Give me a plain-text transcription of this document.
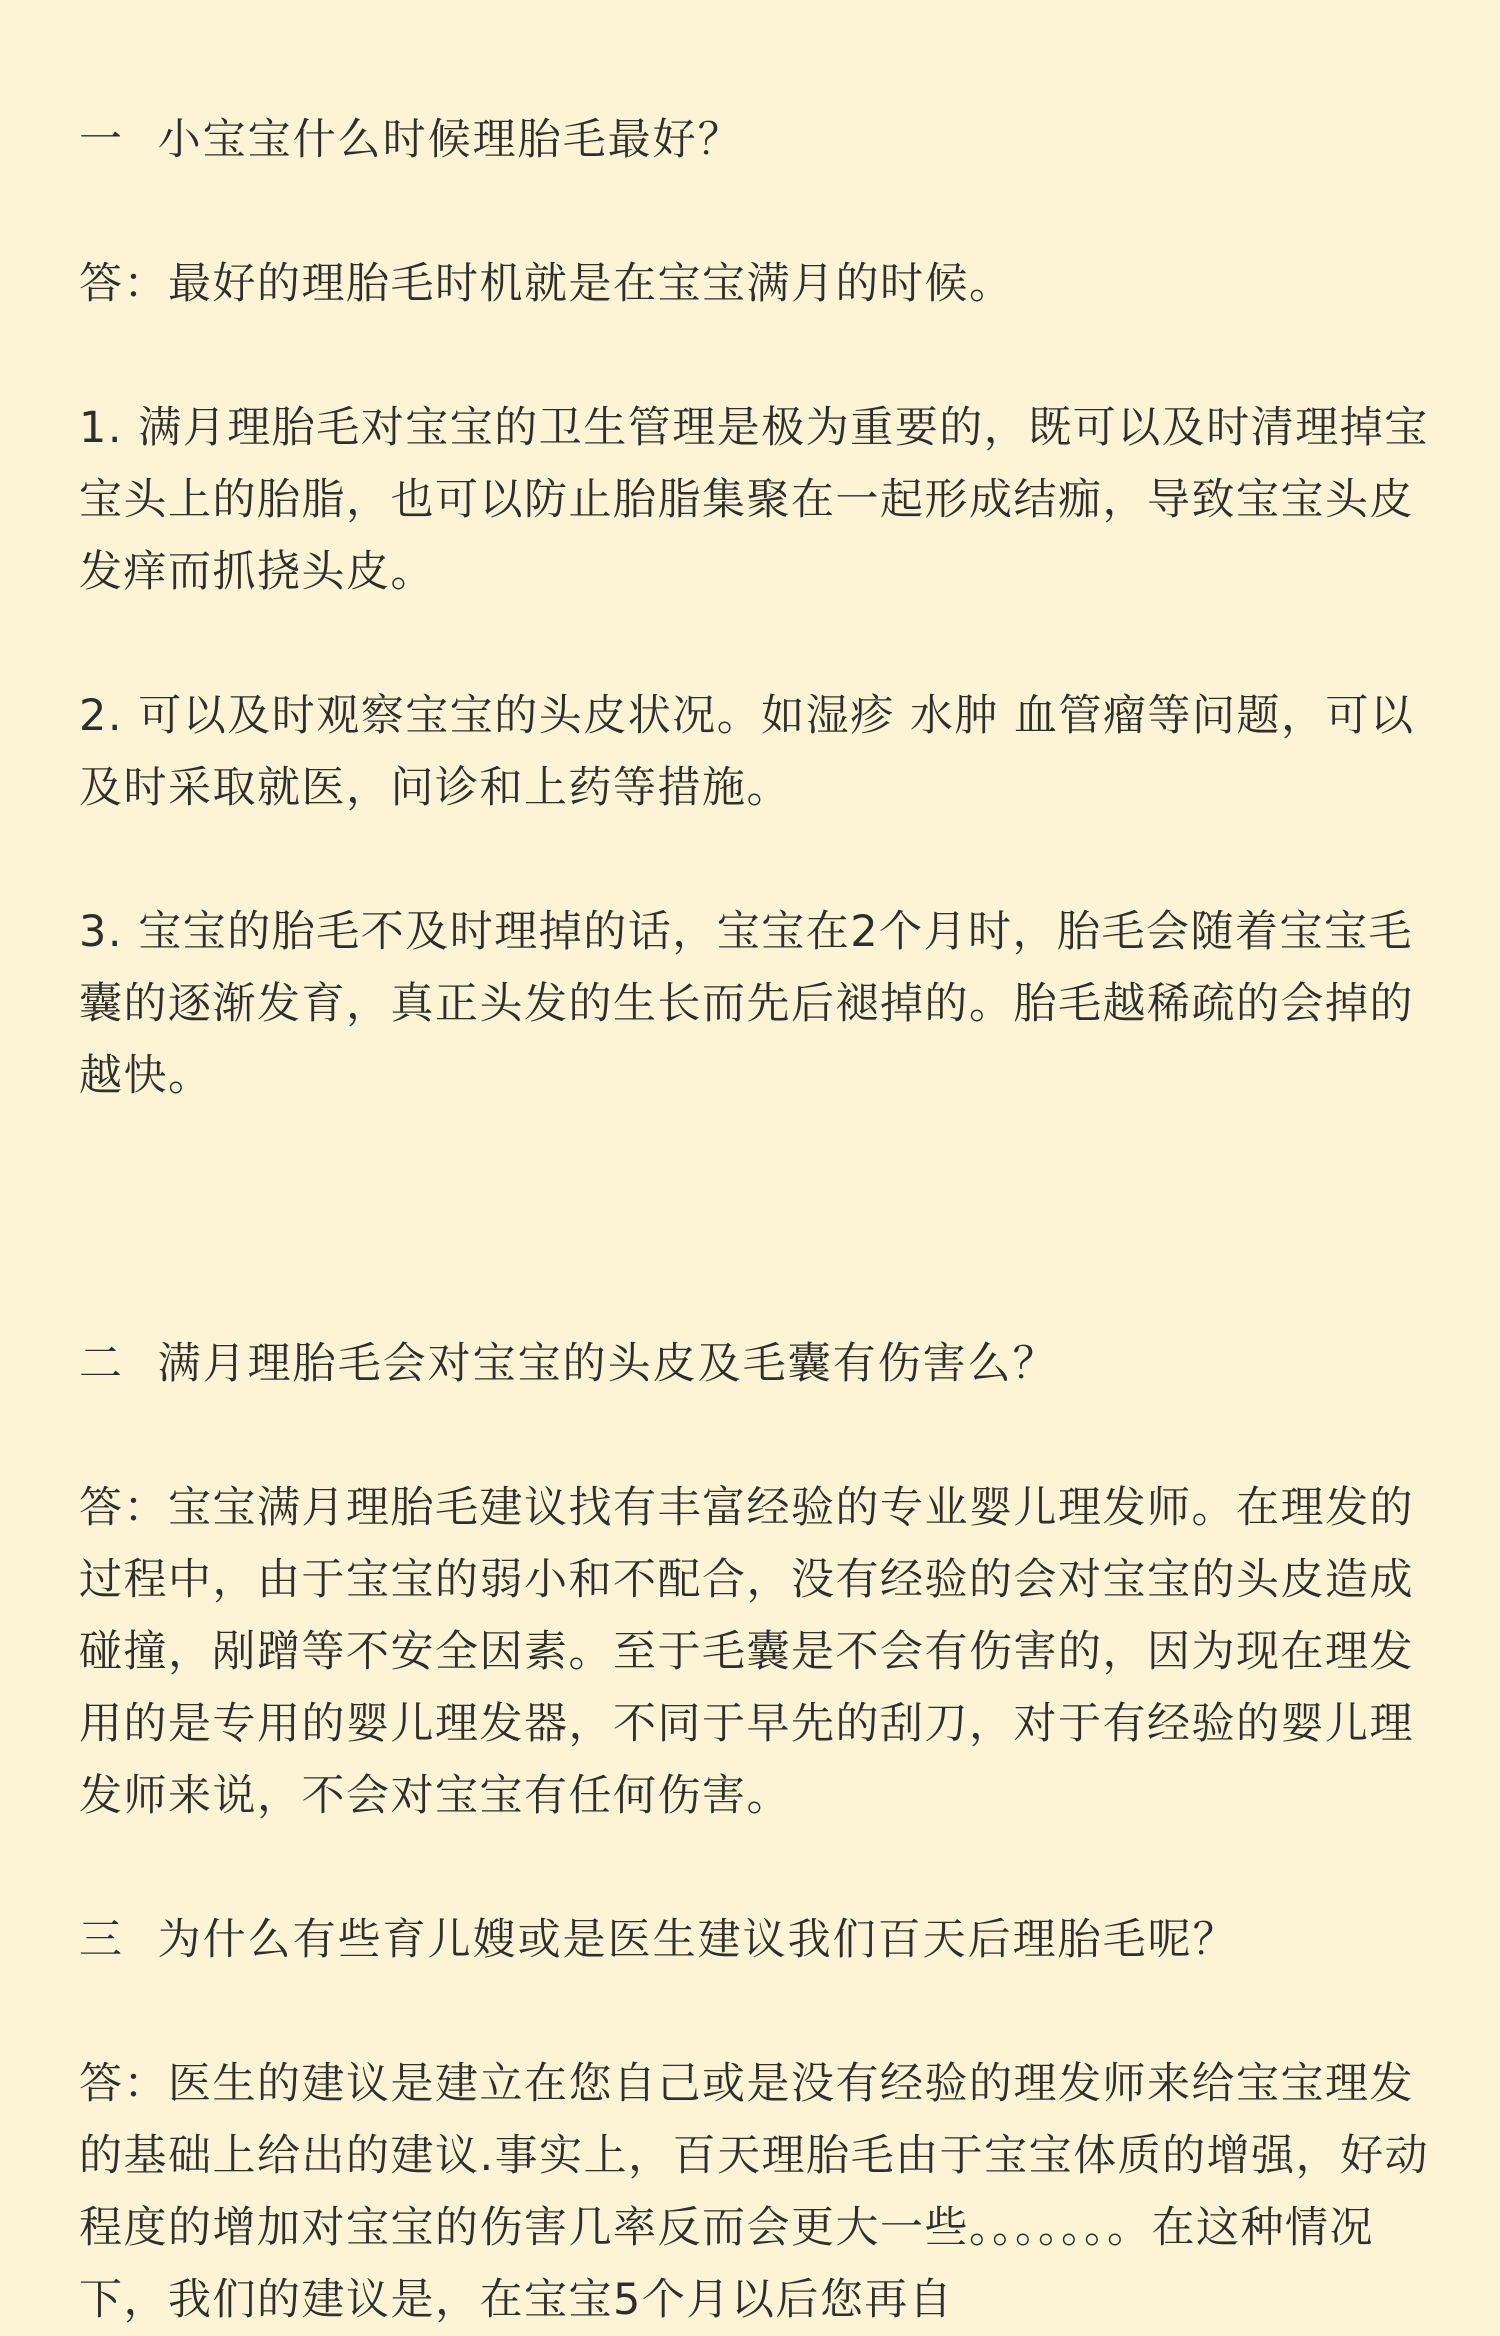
一 小宝宝什么时候理胎毛最好？

答：最好的理胎毛时机就是在宝宝满月的时候。

1. 满月理胎毛对宝宝的卫生管理是极为重要的，既可以及时清理掉宝宝头上的胎脂，也可以防止胎脂集聚在一起形成结痂，导致宝宝头皮发痒而抓挠头皮。

2. 可以及时观察宝宝的头皮状况。如湿疹 水肿 血管瘤等问题，可以及时采取就医，问诊和上药等措施。

3. 宝宝的胎毛不及时理掉的话，宝宝在2个月时，胎毛会随着宝宝毛囊的逐渐发育，真正头发的生长而先后褪掉的。胎毛越稀疏的会掉的越快。

二 满月理胎毛会对宝宝的头皮及毛囊有伤害么？

答：宝宝满月理胎毛建议找有丰富经验的专业婴儿理发师。在理发的过程中，由于宝宝的弱小和不配合，没有经验的会对宝宝的头皮造成碰撞，剐蹭等不安全因素。至于毛囊是不会有伤害的，因为现在理发用的是专用的婴儿理发器，不同于早先的刮刀，对于有经验的婴儿理发师来说，不会对宝宝有任何伤害。

三 为什么有些育儿嫂或是医生建议我们百天后理胎毛呢？

答：医生的建议是建立在您自己或是没有经验的理发师来给宝宝理发的基础上给出的建议.事实上，百天理胎毛由于宝宝体质的增强，好动程度的增加对宝宝的伤害几率反而会更大一些。。。。。。。在这种情况下，我们的建议是，在宝宝5个月以后您再自
